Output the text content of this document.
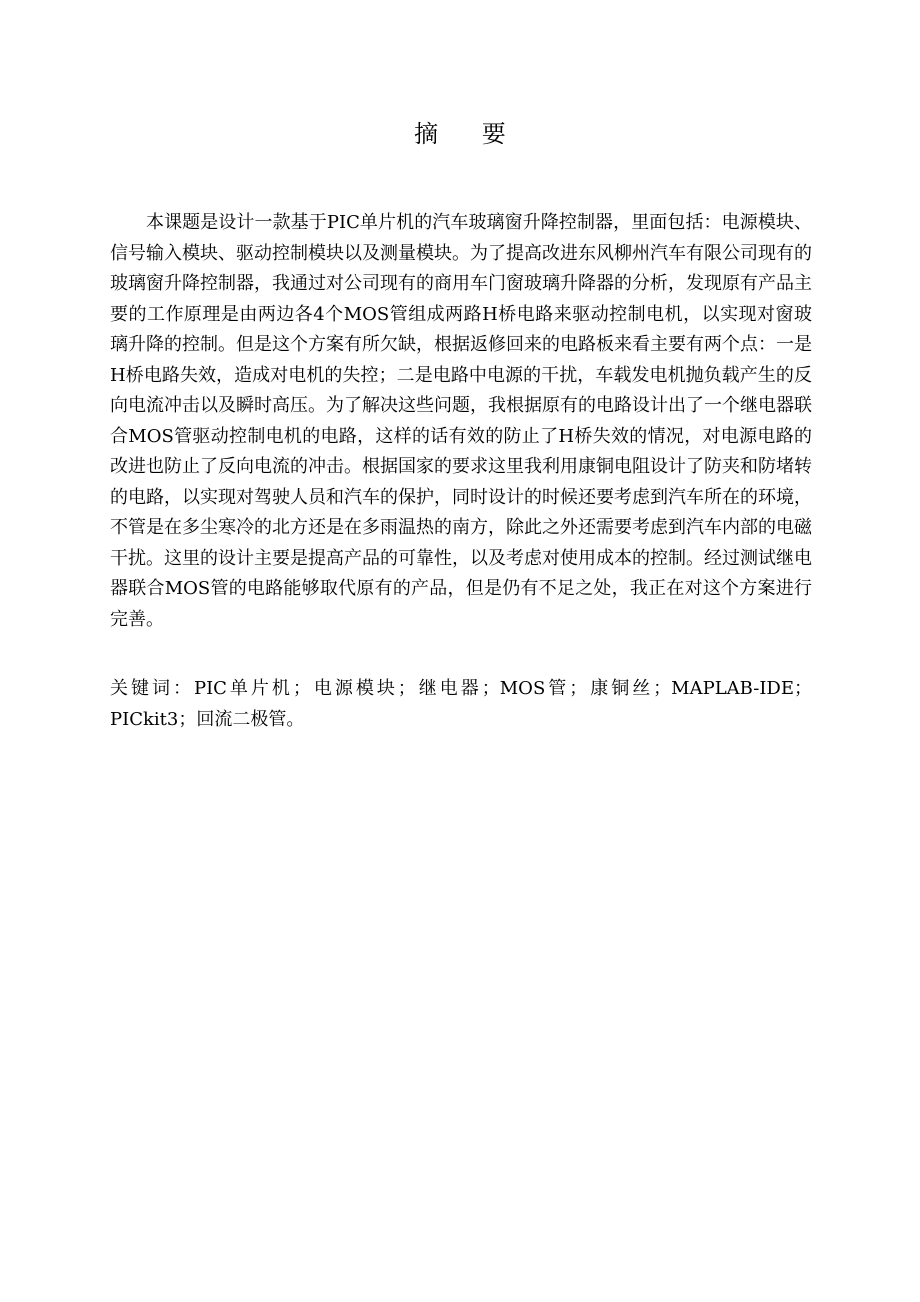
摘 要

本课题是设计一款基于PIC单片机的汽车玻璃窗升降控制器，里面包括：电源模块、信号输入模块、驱动控制模块以及测量模块。为了提高改进东风柳州汽车有限公司现有的玻璃窗升降控制器，我通过对公司现有的商用车门窗玻璃升降器的分析，发现原有产品主要的工作原理是由两边各4个MOS管组成两路H桥电路来驱动控制电机，以实现对窗玻璃升降的控制。但是这个方案有所欠缺，根据返修回来的电路板来看主要有两个点：一是H桥电路失效，造成对电机的失控；二是电路中电源的干扰，车载发电机抛负载产生的反向电流冲击以及瞬时高压。为了解决这些问题，我根据原有的电路设计出了一个继电器联合MOS管驱动控制电机的电路，这样的话有效的防止了H桥失效的情况，对电源电路的改进也防止了反向电流的冲击。根据国家的要求这里我利用康铜电阻设计了防夹和防堵转的电路，以实现对驾驶人员和汽车的保护，同时设计的时候还要考虑到汽车所在的环境，不管是在多尘寒冷的北方还是在多雨温热的南方，除此之外还需要考虑到汽车内部的电磁干扰。这里的设计主要是提高产品的可靠性，以及考虑对使用成本的控制。经过测试继电器联合MOS管的电路能够取代原有的产品，但是仍有不足之处，我正在对这个方案进行完善。

关键词：PIC单片机；电源模块；继电器；MOS管；康铜丝；MAPLAB-IDE；PICkit3；回流二极管。
